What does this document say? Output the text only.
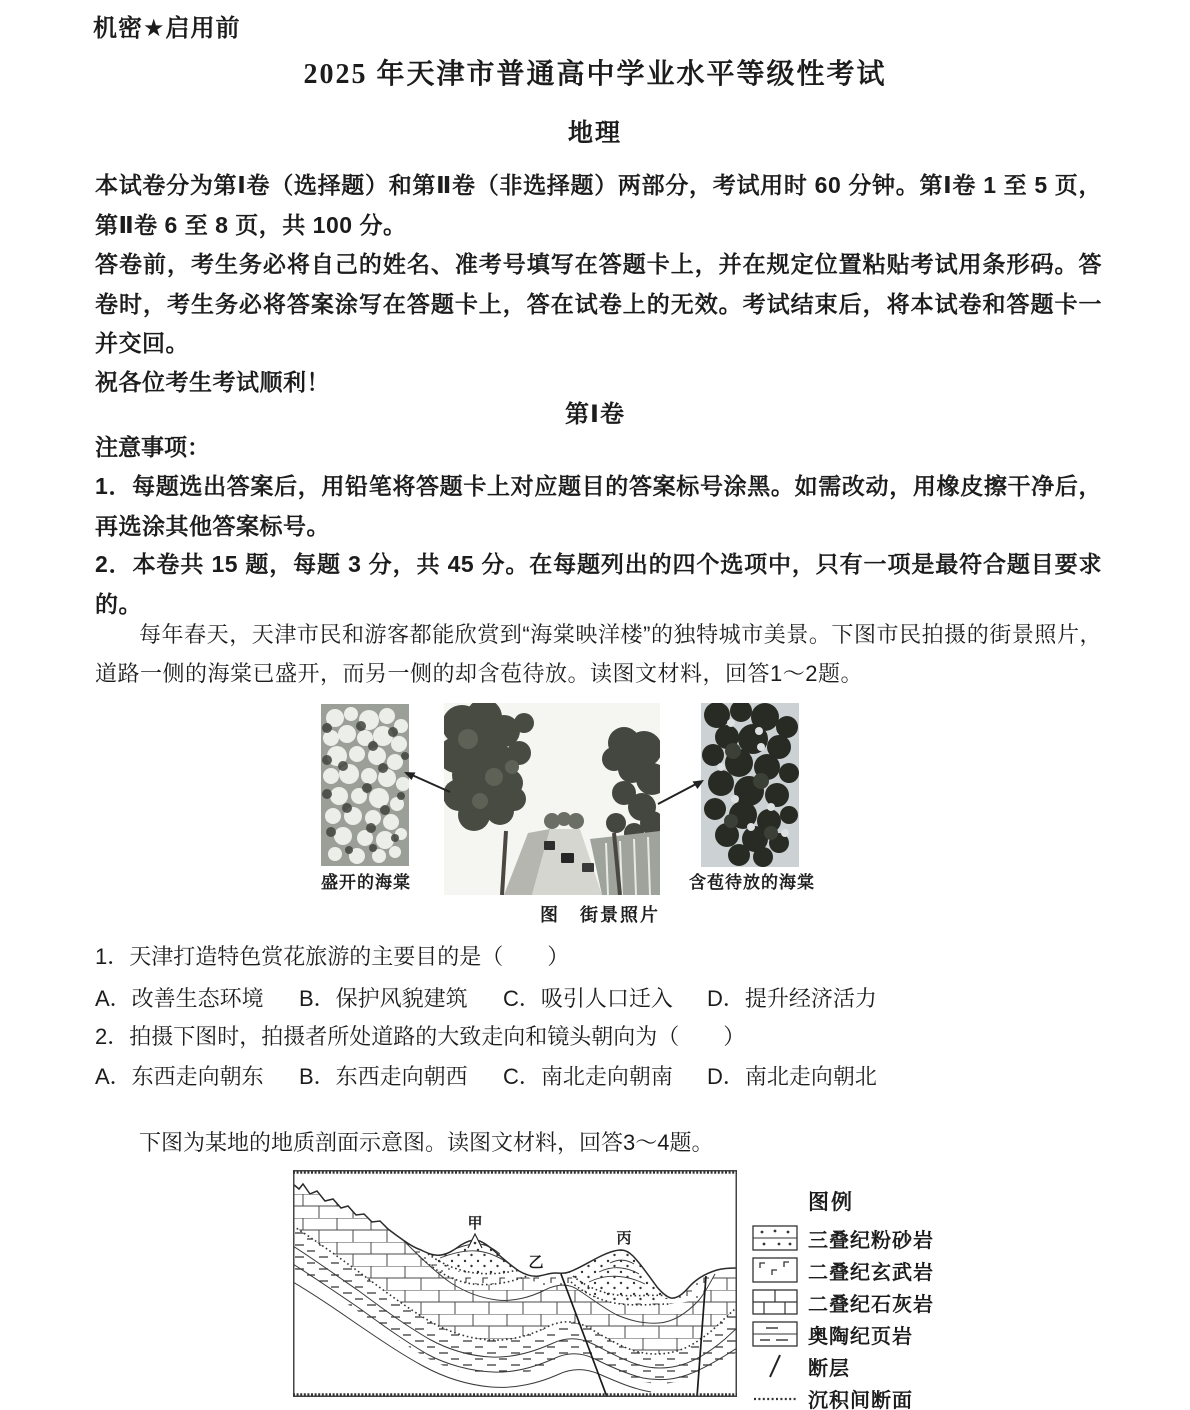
机密★启用前
2025 年天津市普通高中学业水平等级性考试
地理
本试卷分为第Ⅰ卷（选择题）和第Ⅱ卷（非选择题）两部分，考试用时 60 分钟。第Ⅰ卷 1 至 5 页，第Ⅱ卷 6 至 8 页，共 100 分。
答卷前，考生务必将自己的姓名、准考号填写在答题卡上，并在规定位置粘贴考试用条形码。答卷时，考生务必将答案涂写在答题卡上，答在试卷上的无效。考试结束后，将本试卷和答题卡一并交回。
祝各位考生考试顺利！
第Ⅰ卷
注意事项：
1．每题选出答案后，用铅笔将答题卡上对应题目的答案标号涂黑。如需改动，用橡皮擦干净后，再选涂其他答案标号。
2．本卷共 15 题，每题 3 分，共 45 分。在每题列出的四个选项中，只有一项是最符合题目要求的。
每年春天，天津市民和游客都能欣赏到“海棠映洋楼”的独特城市美景。下图市民拍摄的街景照片，道路一侧的海棠已盛开，而另一侧的却含苞待放。读图文材料，回答1～2题。
盛开的海棠	含苞待放的海棠
图　街景照片
1．天津打造特色赏花旅游的主要目的是（　　）
A．改善生态环境 B．保护风貌建筑 C．吸引人口迁入 D．提升经济活力
2．拍摄下图时，拍摄者所处道路的大致走向和镜头朝向为（　　）
A．东西走向朝东 B．东西走向朝西 C．南北走向朝南 D．南北走向朝北
下图为某地的地质剖面示意图。读图文材料，回答3～4题。
甲
乙
丙
图例
三叠纪粉砂岩
二叠纪玄武岩
二叠纪石灰岩
奥陶纪页岩
断层
沉积间断面
